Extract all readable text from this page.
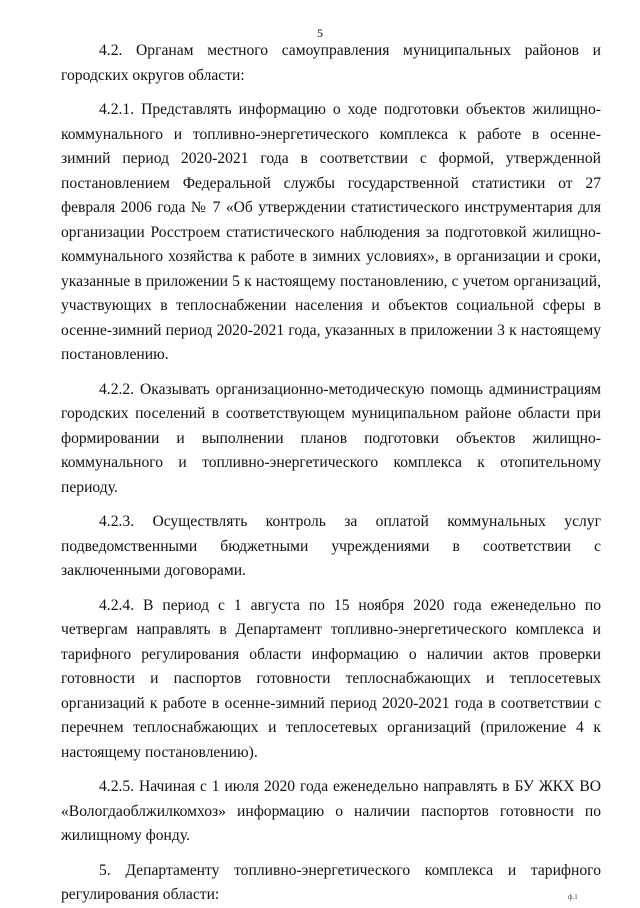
5

4.2. Органам местного самоуправления муниципальных районов и городских округов области:

4.2.1. Представлять информацию о ходе подготовки объектов жилищно-коммунального и топливно-энергетического комплекса к работе в осенне-зимний период 2020-2021 года в соответствии с формой, утвержденной постановлением Федеральной службы государственной статистики от 27 февраля 2006 года № 7 «Об утверждении статистического инструментария для организации Росстроем статистического наблюдения за подготовкой жилищно-коммунального хозяйства к работе в зимних условиях», в организации и сроки, указанные в приложении 5 к настоящему постановлению, с учетом организаций, участвующих в теплоснабжении населения и объектов социальной сферы в осенне-зимний период 2020-2021 года, указанных в приложении 3 к настоящему постановлению.

4.2.2. Оказывать организационно-методическую помощь администрациям городских поселений в соответствующем муниципальном районе области при формировании и выполнении планов подготовки объектов жилищно-коммунального и топливно-энергетического комплекса к отопительному периоду.

4.2.3. Осуществлять контроль за оплатой коммунальных услуг подведомственными бюджетными учреждениями в соответствии с заключенными договорами.

4.2.4. В период с 1 августа по 15 ноября 2020 года еженедельно по четвергам направлять в Департамент топливно-энергетического комплекса и тарифного регулирования области информацию о наличии актов проверки готовности и паспортов готовности теплоснабжающих и теплосетевых организаций к работе в осенне-зимний период 2020-2021 года в соответствии с перечнем теплоснабжающих и теплосетевых организаций (приложение 4 к настоящему постановлению).

4.2.5. Начиная с 1 июля 2020 года еженедельно направлять в БУ ЖКХ ВО «Вологдаоблжилкомхоз» информацию о наличии паспортов готовности по жилищному фонду.

5. Департаменту топливно-энергетического комплекса и тарифного регулирования области:	ф.1
